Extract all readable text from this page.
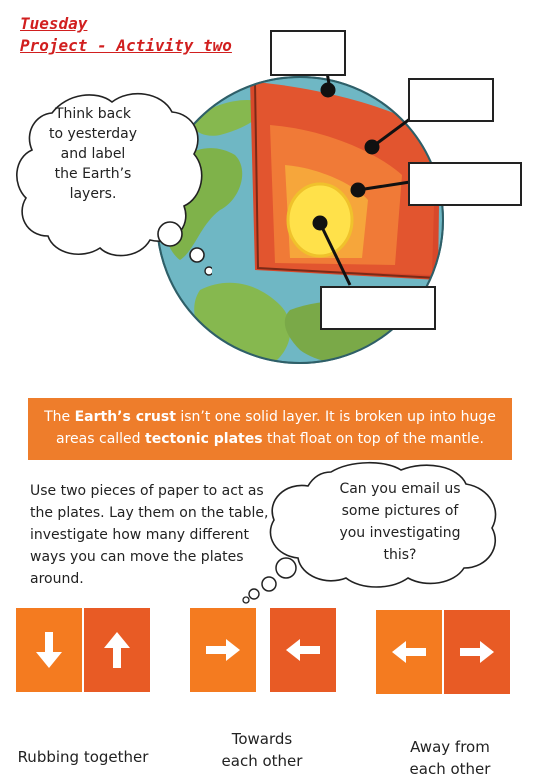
Tuesday
Project - Activity two
Think back
to yesterday
and label
the Earth’s
layers.
The Earth’s crust isn’t one solid layer. It is broken up into huge areas called tectonic plates that float on top of the mantle.
Use two pieces of paper to act as the plates. Lay them on the table, investigate how many different ways you can move the plates around.
Can you email us
some pictures of
you investigating
this?
Rubbing together
Towards
each other
Away from
each other
